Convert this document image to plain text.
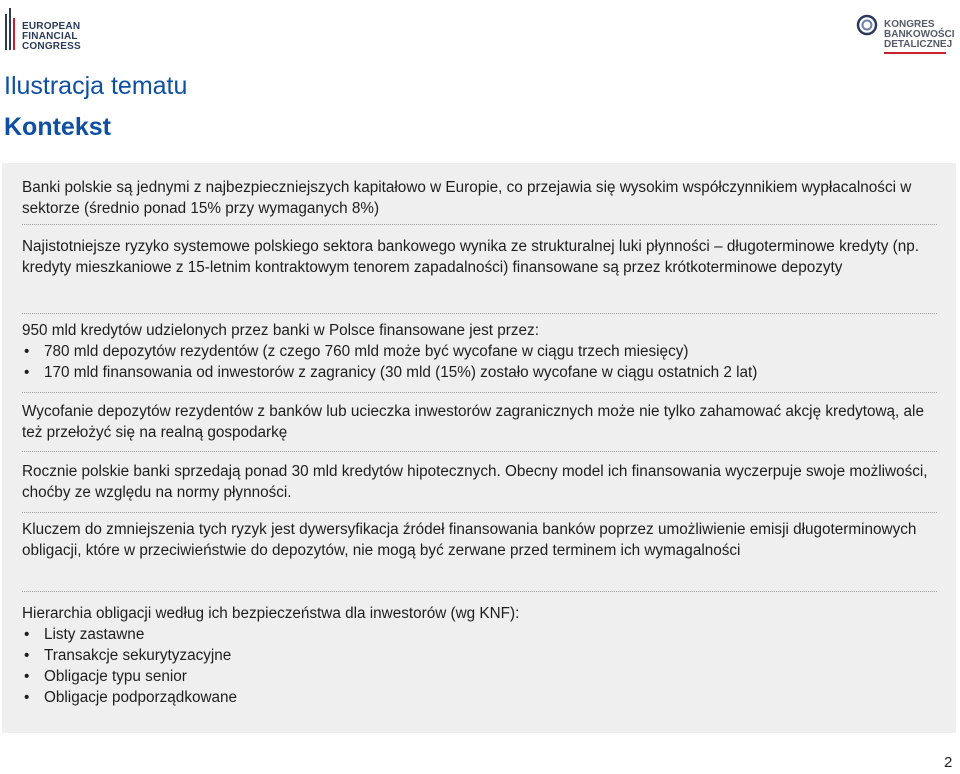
EUROPEAN
FINANCIAL
CONGRESS
KONGRES
BANKOWOŚCI
DETALICZNEJ
Ilustracja tematu
Kontekst

Banki polskie są jednymi z najbezpieczniejszych kapitałowo w Europie, co przejawia się wysokim współczynnikiem wypłacalności w sektorze (średnio ponad 15% przy wymaganych 8%)

Najistotniejsze ryzyko systemowe polskiego sektora bankowego wynika ze strukturalnej luki płynności – długoterminowe kredyty (np. kredyty mieszkaniowe z 15-letnim kontraktowym tenorem zapadalności) finansowane są przez krótkoterminowe depozyty

950 mld kredytów udzielonych przez banki w Polsce finansowane jest przez:

• 780 mld depozytów rezydentów (z czego 760 mld może być wycofane w ciągu trzech miesięcy)
• 170 mld finansowania od inwestorów z zagranicy (30 mld (15%) zostało wycofane w ciągu ostatnich 2 lat)

Wycofanie depozytów rezydentów z banków lub ucieczka inwestorów zagranicznych może nie tylko zahamować akcję kredytową, ale też przełożyć się na realną gospodarkę

Rocznie polskie banki sprzedają ponad 30 mld kredytów hipotecznych. Obecny model ich finansowania wyczerpuje swoje możliwości, choćby ze względu na normy płynności.

Kluczem do zmniejszenia tych ryzyk jest dywersyfikacja źródeł finansowania banków poprzez umożliwienie emisji długoterminowych obligacji, które w przeciwieństwie do depozytów, nie mogą być zerwane przed terminem ich wymagalności

Hierarchia obligacji według ich bezpieczeństwa dla inwestorów (wg KNF):

• Listy zastawne
• Transakcje sekurytyzacyjne
• Obligacje typu senior
• Obligacje podporządkowane
2
